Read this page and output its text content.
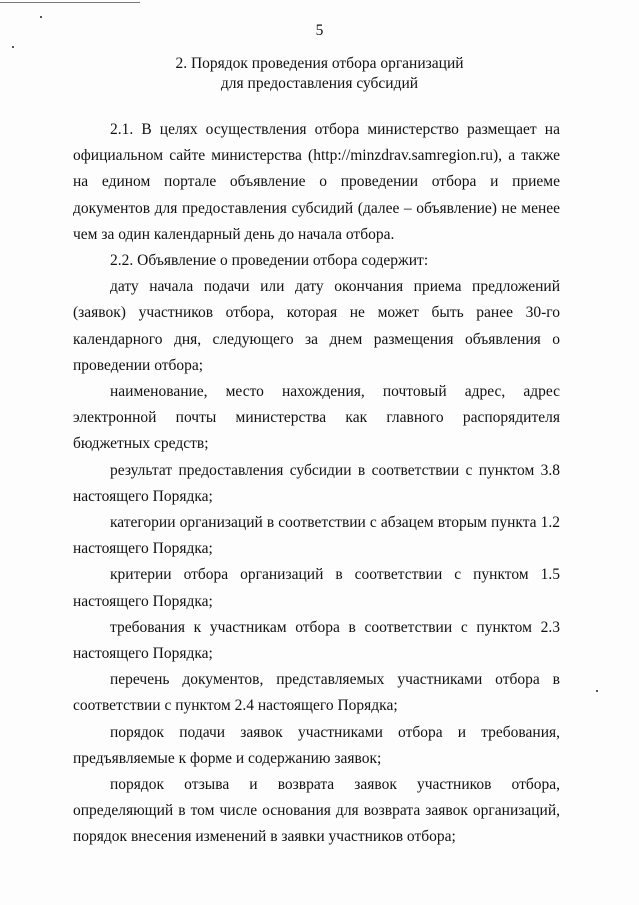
5
2. Порядок проведения отбора организаций
для предоставления субсидий

2.1. В целях осуществления отбора министерство размещает на официальном сайте министерства (http://minzdrav.samregion.ru), а также на едином портале объявление о проведении отбора и приеме документов для предоставления субсидий (далее – объявление) не менее чем за один календарный день до начала отбора.

2.2. Объявление о проведении отбора содержит:

дату начала подачи или дату окончания приема предложений (заявок) участников отбора, которая не может быть ранее 30-го календарного дня, следующего за днем размещения объявления о проведении отбора;

наименование, место нахождения, почтовый адрес, адрес электронной почты министерства как главного распорядителя бюджетных средств;

результат предоставления субсидии в соответствии с пунктом 3.8 настоящего Порядка;

категории организаций в соответствии с абзацем вторым пункта 1.2 настоящего Порядка;

критерии отбора организаций в соответствии с пунктом 1.5 настоящего Порядка;

требования к участникам отбора в соответствии с пунктом 2.3 настоящего Порядка;

перечень документов, представляемых участниками отбора в соответствии с пунктом 2.4 настоящего Порядка;

порядок подачи заявок участниками отбора и требования, предъявляемые к форме и содержанию заявок;

порядок отзыва и возврата заявок участников отбора, определяющий в том числе основания для возврата заявок организаций, порядок внесения изменений в заявки участников отбора;
